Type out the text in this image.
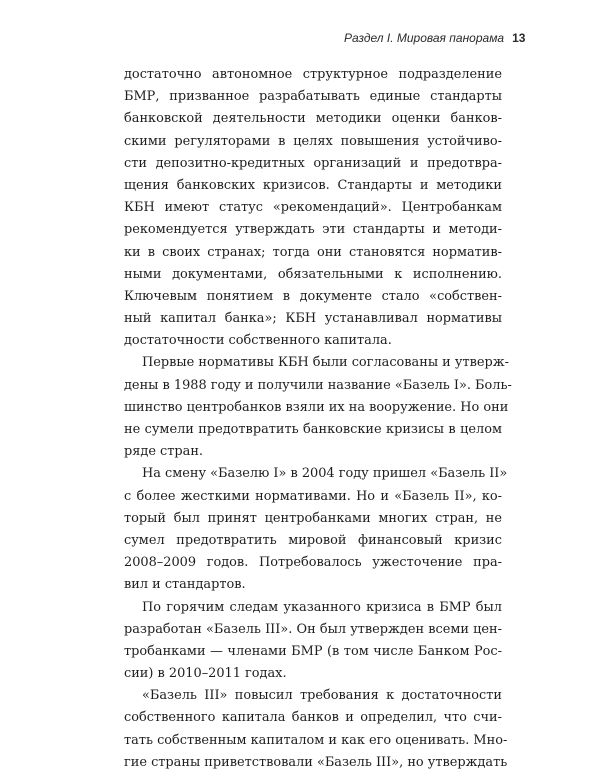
Раздел I. Мировая панорама 13
достаточно автономное структурное подразделение
БМР, призванное разрабатывать единые стандарты
банковской деятельности методики оценки банков-
скими регуляторами в целях повышения устойчиво-
сти депозитно-кредитных организаций и предотвра-
щения банковских кризисов. Стандарты и методики
КБН имеют статус «рекомендаций». Центробанкам
рекомендуется утверждать эти стандарты и методи-
ки в своих странах; тогда они становятся норматив-
ными документами, обязательными к исполнению.
Ключевым понятием в документе стало «собствен-
ный капитал банка»; КБН устанавливал нормативы
достаточности собственного капитала.
Первые нормативы КБН были согласованы и утверж-
дены в 1988 году и получили название «Базель I». Боль-
шинство центробанков взяли их на вооружение. Но они
не сумели предотвратить банковские кризисы в целом
ряде стран.
На смену «Базелю I» в 2004 году пришел «Базель II»
с более жесткими нормативами. Но и «Базель II», ко-
торый был принят центробанками многих стран, не
сумел предотвратить мировой финансовый кризис
2008–2009 годов. Потребовалось ужесточение пра-
вил и стандартов.
По горячим следам указанного кризиса в БМР был
разработан «Базель III». Он был утвержден всеми цен-
тробанками — членами БМР (в том числе Банком Рос-
сии) в 2010–2011 годах.
«Базель III» повысил требования к достаточности
собственного капитала банков и определил, что счи-
тать собственным капиталом и как его оценивать. Мно-
гие страны приветствовали «Базель III», но утверждать
